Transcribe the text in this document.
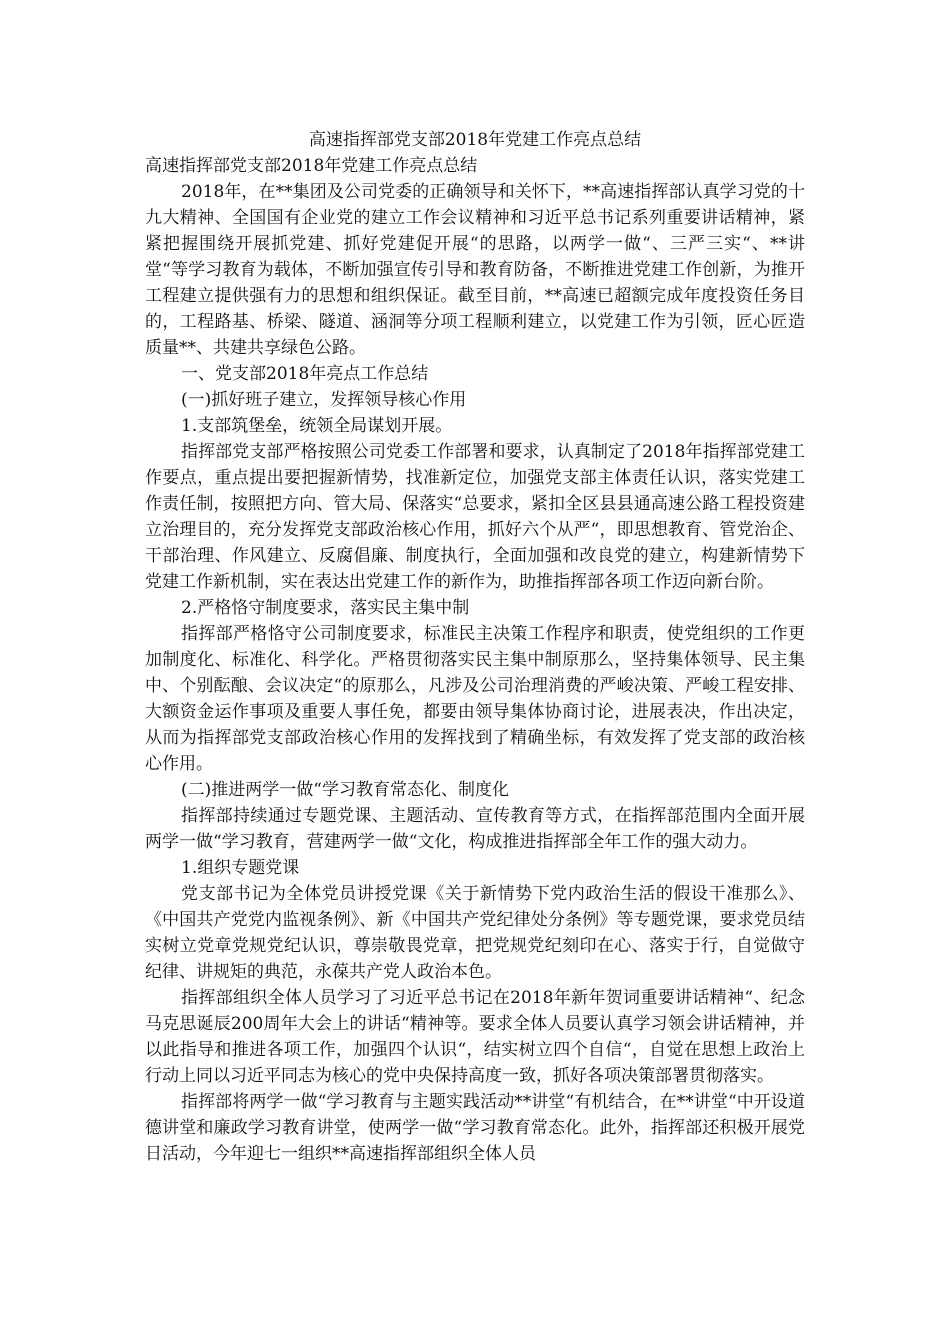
高速指挥部党支部2018年党建工作亮点总结

高速指挥部党支部2018年党建工作亮点总结

2018年，在**集团及公司党委的正确领导和关怀下，**高速指挥部认真学习党的十九大精神、全国国有企业党的建立工作会议精神和习近平总书记系列重要讲话精神，紧紧把握围绕开展抓党建、抓好党建促开展“的思路，以两学一做“、三严三实“、**讲堂“等学习教育为载体，不断加强宣传引导和教育防备，不断推进党建工作创新，为推开工程建立提供强有力的思想和组织保证。截至目前，**高速已超额完成年度投资任务目的，工程路基、桥梁、隧道、涵洞等分项工程顺利建立，以党建工作为引领，匠心匠造质量**、共建共享绿色公路。

一、党支部2018年亮点工作总结

(一)抓好班子建立，发挥领导核心作用

1.支部筑堡垒，统领全局谋划开展。

指挥部党支部严格按照公司党委工作部署和要求，认真制定了2018年指挥部党建工作要点，重点提出要把握新情势，找准新定位，加强党支部主体责任认识，落实党建工作责任制，按照把方向、管大局、保落实“总要求，紧扣全区县县通高速公路工程投资建立治理目的，充分发挥党支部政治核心作用，抓好六个从严“，即思想教育、管党治企、干部治理、作风建立、反腐倡廉、制度执行，全面加强和改良党的建立，构建新情势下党建工作新机制，实在表达出党建工作的新作为，助推指挥部各项工作迈向新台阶。

2.严格恪守制度要求，落实民主集中制

指挥部严格恪守公司制度要求，标准民主决策工作程序和职责，使党组织的工作更加制度化、标准化、科学化。严格贯彻落实民主集中制原那么，坚持集体领导、民主集中、个别酝酿、会议决定“的原那么，凡涉及公司治理消费的严峻决策、严峻工程安排、大额资金运作事项及重要人事任免，都要由领导集体协商讨论，进展表决，作出决定，从而为指挥部党支部政治核心作用的发挥找到了精确坐标，有效发挥了党支部的政治核心作用。

(二)推进两学一做“学习教育常态化、制度化

指挥部持续通过专题党课、主题活动、宣传教育等方式，在指挥部范围内全面开展两学一做“学习教育，营建两学一做“文化，构成推进指挥部全年工作的强大动力。

1.组织专题党课

党支部书记为全体党员讲授党课《关于新情势下党内政治生活的假设干准那么》、《中国共产党党内监视条例》、新《中国共产党纪律处分条例》等专题党课，要求党员结实树立党章党规党纪认识，尊崇敬畏党章，把党规党纪刻印在心、落实于行，自觉做守纪律、讲规矩的典范，永葆共产党人政治本色。

指挥部组织全体人员学习了习近平总书记在2018年新年贺词重要讲话精神“、纪念马克思诞辰200周年大会上的讲话“精神等。要求全体人员要认真学习领会讲话精神，并以此指导和推进各项工作，加强四个认识“，结实树立四个自信“，自觉在思想上政治上行动上同以习近平同志为核心的党中央保持高度一致，抓好各项决策部署贯彻落实。

指挥部将两学一做“学习教育与主题实践活动**讲堂“有机结合，在**讲堂“中开设道德讲堂和廉政学习教育讲堂，使两学一做“学习教育常态化。此外，指挥部还积极开展党日活动，今年迎七一组织**高速指挥部组织全体人员
